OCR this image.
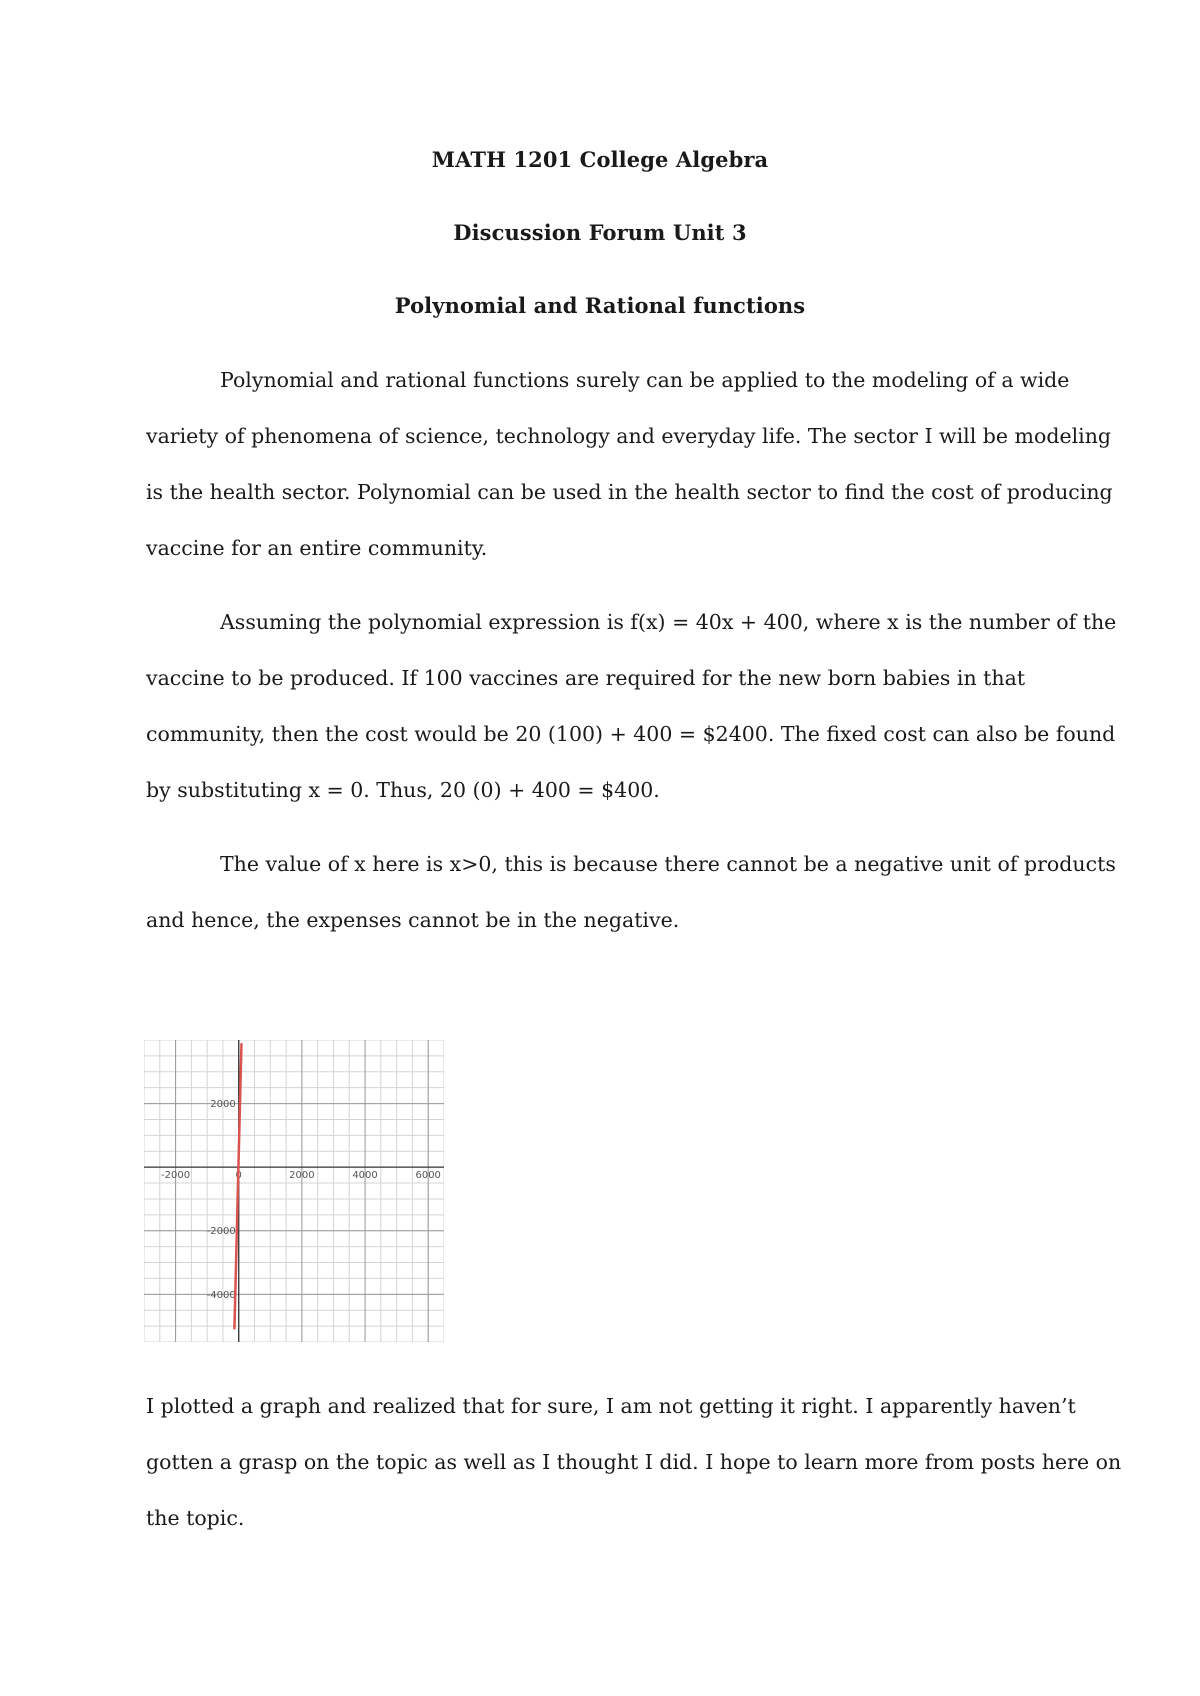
MATH 1201 College Algebra
Discussion Forum Unit 3
Polynomial and Rational functions
Polynomial and rational functions surely can be applied to the modeling of a wide
variety of phenomena of science, technology and everyday life. The sector I will be modeling
is the health sector. Polynomial can be used in the health sector to find the cost of producing
vaccine for an entire community.
Assuming the polynomial expression is f(x) = 40x + 400, where x is the number of the
vaccine to be produced. If 100 vaccines are required for the new born babies in that
community, then the cost would be 20 (100) + 400 = $2400. The fixed cost can also be found
by substituting x = 0. Thus, 20 (0) + 400 = $400.
The value of x here is x>0, this is because there cannot be a negative unit of products
and hence, the expenses cannot be in the negative.
-2000	0	2000	4000	6000
2000
-2000
-4000
I plotted a graph and realized that for sure, I am not getting it right. I apparently haven’t
gotten a grasp on the topic as well as I thought I did. I hope to learn more from posts here on
the topic.
